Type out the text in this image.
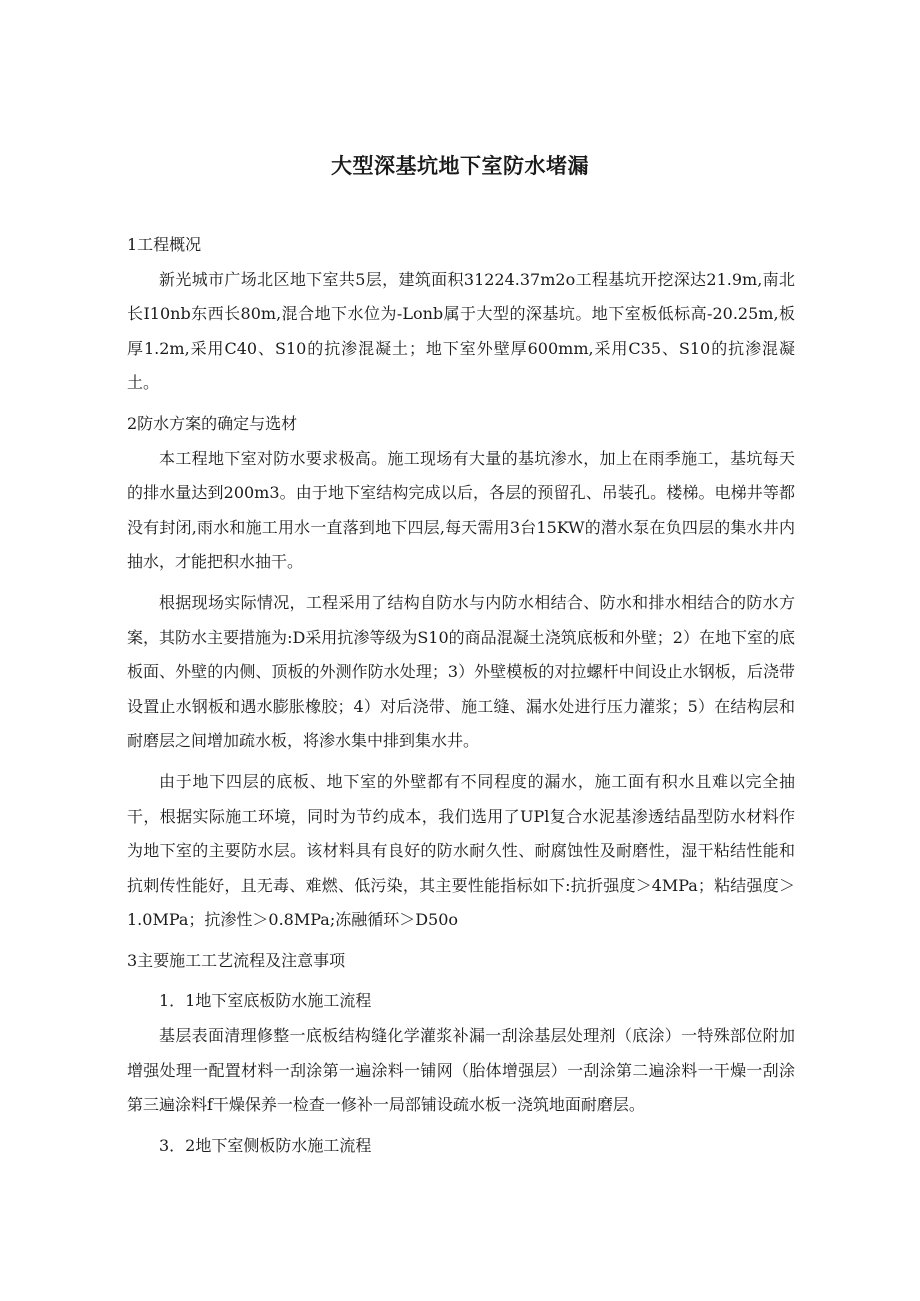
大型深基坑地下室防水堵漏

1工程概况

新光城市广场北区地下室共5层，建筑面积31224.37m2o工程基坑开挖深达21.9m,南北长I10nb东西长80m,混合地下水位为-Lonb属于大型的深基坑。地下室板低标高-20.25m,板厚1.2m,采用C40、S10的抗渗混凝土；地下室外壁厚600mm,采用C35、S10的抗渗混凝土。

2防水方案的确定与选材

本工程地下室对防水要求极高。施工现场有大量的基坑渗水，加上在雨季施工，基坑每天的排水量达到200m3。由于地下室结构完成以后，各层的预留孔、吊装孔。楼梯。电梯井等都没有封闭,雨水和施工用水一直落到地下四层,每天需用3台15KW的潜水泵在负四层的集水井内抽水，才能把积水抽干。

根据现场实际情况，工程采用了结构自防水与内防水相结合、防水和排水相结合的防水方案，其防水主要措施为:D采用抗渗等级为S10的商品混凝土浇筑底板和外壁；2）在地下室的底板面、外壁的内侧、顶板的外测作防水处理；3）外壁模板的对拉螺杆中间设止水钢板，后浇带设置止水钢板和遇水膨胀橡胶；4）对后浇带、施工缝、漏水处进行压力灌浆；5）在结构层和耐磨层之间增加疏水板，将渗水集中排到集水井。

由于地下四层的底板、地下室的外壁都有不同程度的漏水，施工面有积水且难以完全抽干，根据实际施工环境，同时为节约成本，我们选用了UPl复合水泥基渗透结晶型防水材料作为地下室的主要防水层。该材料具有良好的防水耐久性、耐腐蚀性及耐磨性，湿干粘结性能和抗刺传性能好，且无毒、难燃、低污染，其主要性能指标如下:抗折强度＞4MPa；粘结强度＞1.0MPa；抗渗性＞0.8MPa;冻融循环＞D50o

3主要施工工艺流程及注意事项

1．1地下室底板防水施工流程

基层表面清理修整一底板结构缝化学灌浆补漏一刮涂基层处理剂（底涂）一特殊部位附加增强处理一配置材料一刮涂第一遍涂料一铺网（胎体增强层）一刮涂第二遍涂料一干燥一刮涂第三遍涂料f干燥保养一检查一修补一局部铺设疏水板一浇筑地面耐磨层。

3．2地下室侧板防水施工流程
